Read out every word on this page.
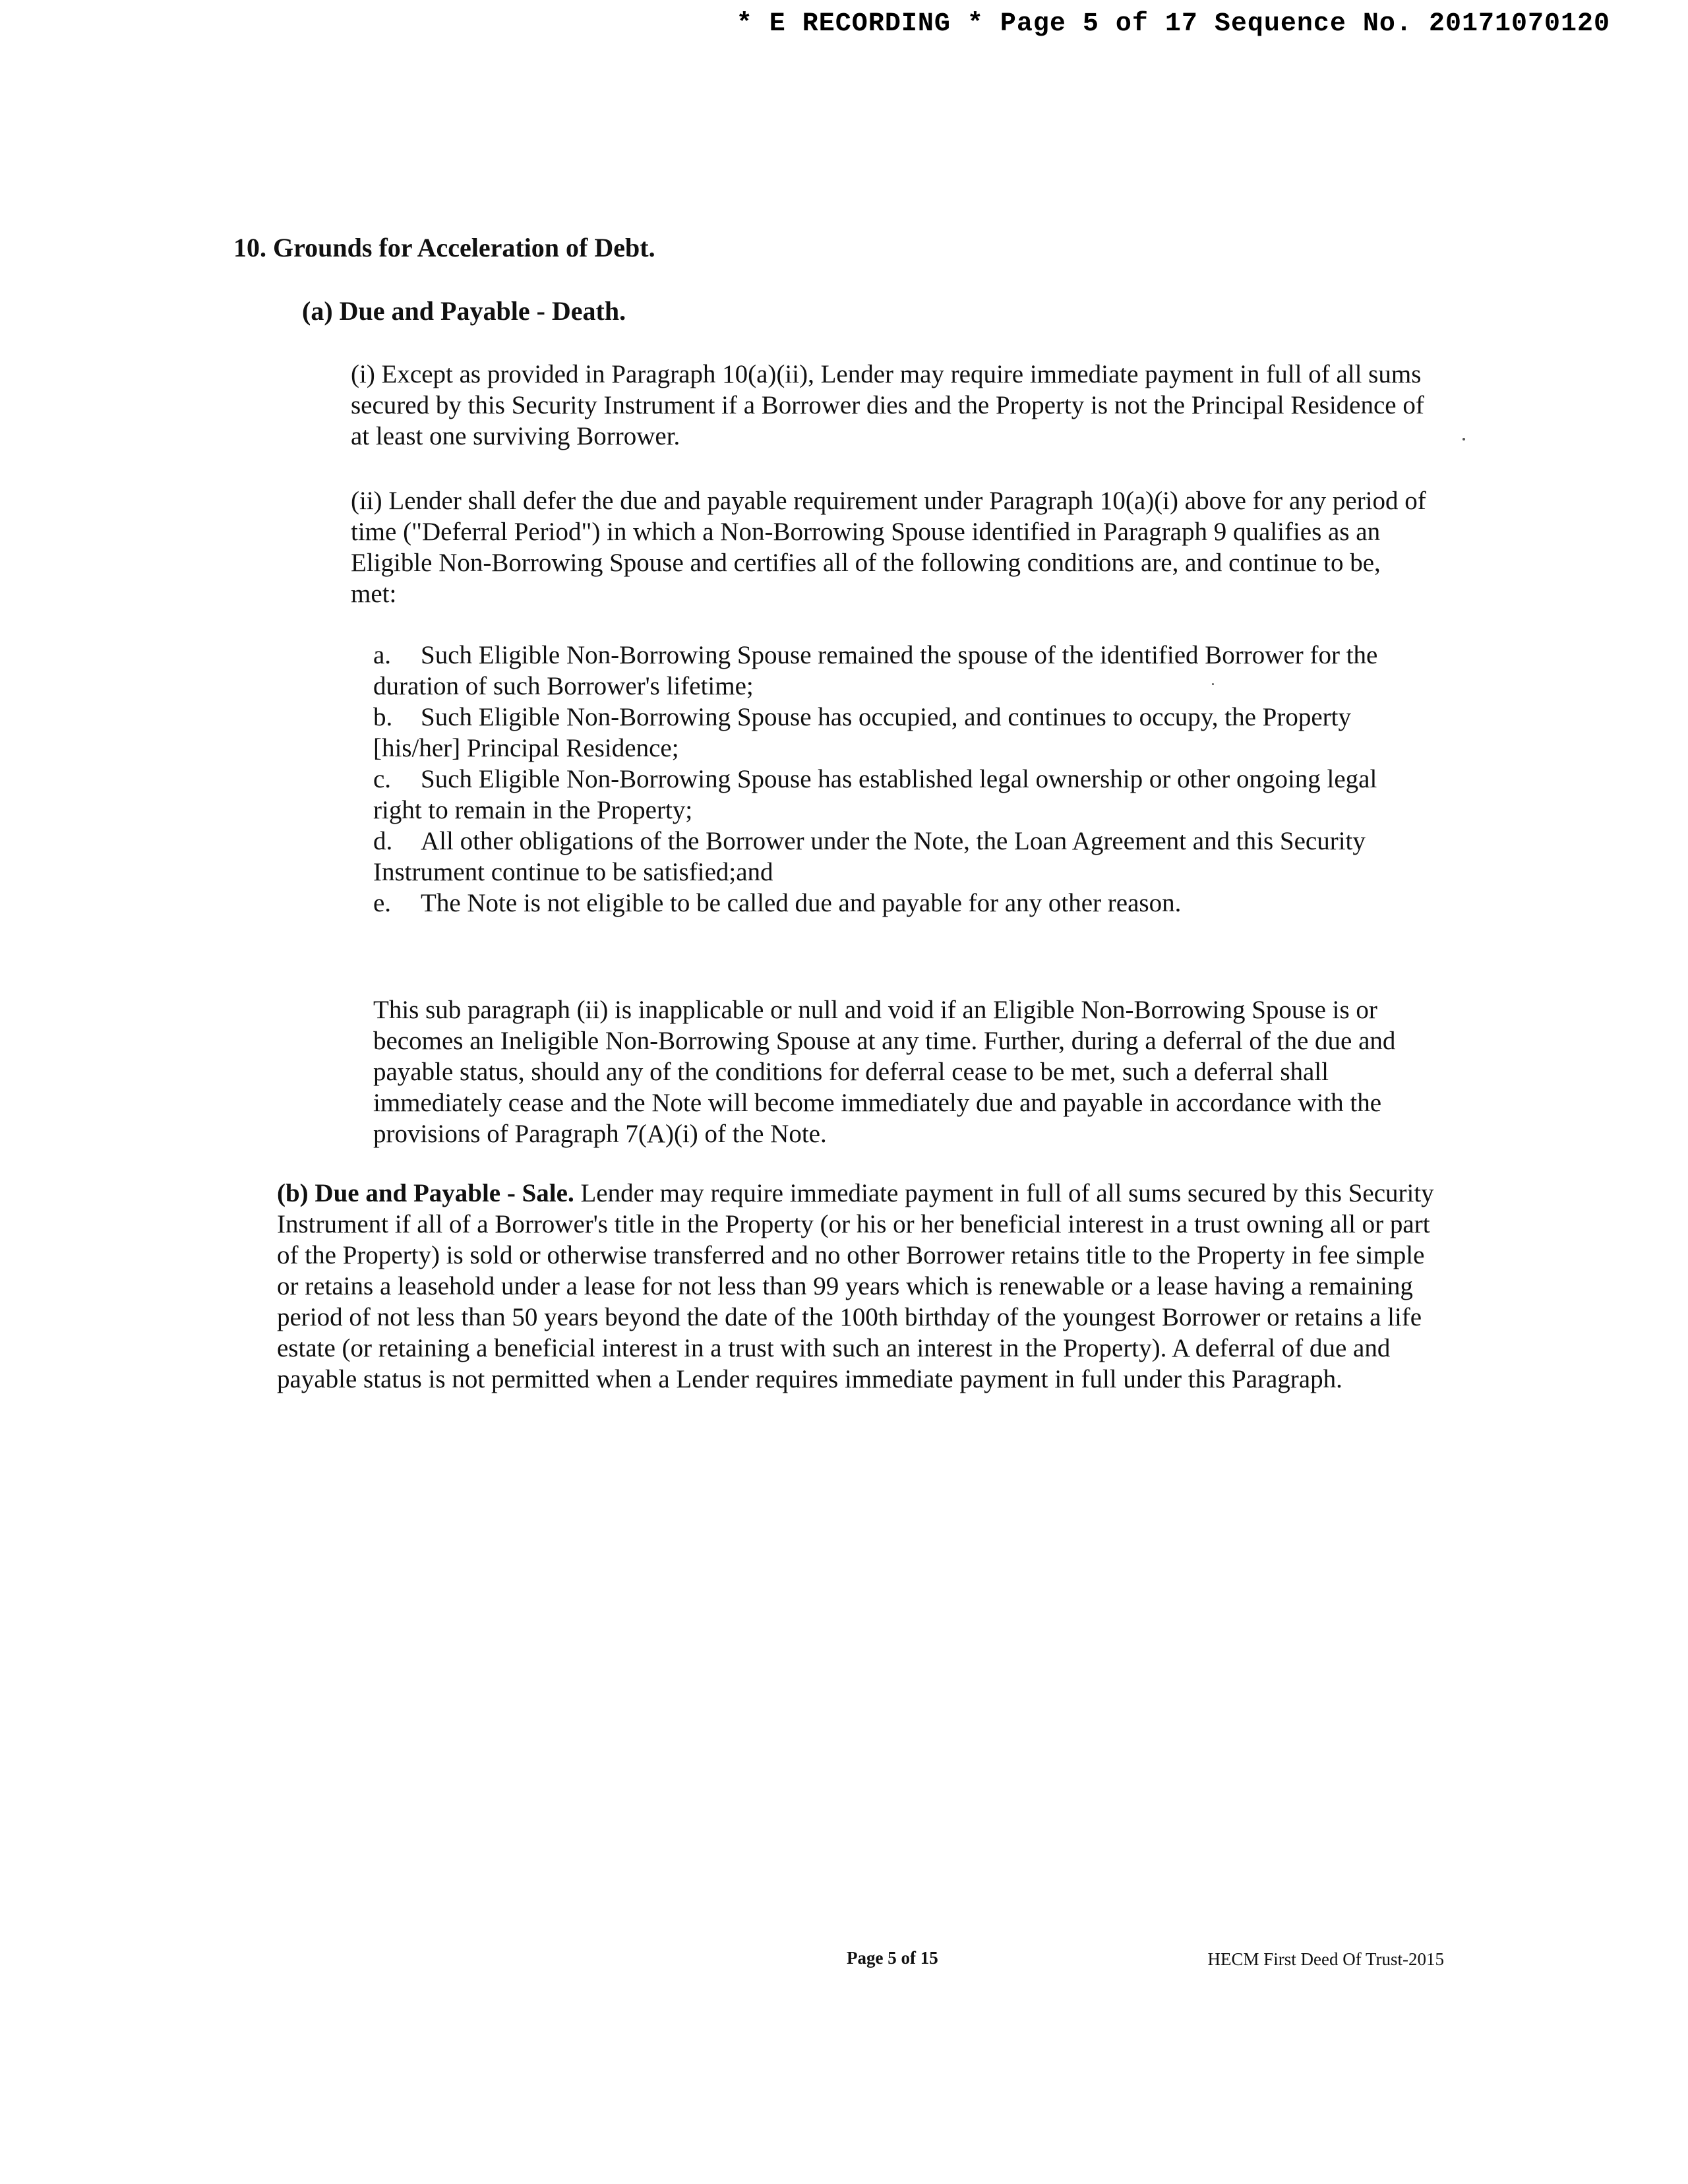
* E RECORDING * Page 5 of 17 Sequence No. 20171070120
10. Grounds for Acceleration of Debt.
(a) Due and Payable - Death.

(i) Except as provided in Paragraph 10(a)(ii), Lender may require immediate payment in full of all sums secured by this Security Instrument if a Borrower dies and the Property is not the Principal Residence of at least one surviving Borrower.

(ii) Lender shall defer the due and payable requirement under Paragraph 10(a)(i) above for any period of time ("Deferral Period") in which a Non-Borrowing Spouse identified in Paragraph 9 qualifies as an Eligible Non-Borrowing Spouse and certifies all of the following conditions are, and continue to be, met:

a. Such Eligible Non-Borrowing Spouse remained the spouse of the identified Borrower for the duration of such Borrower's lifetime;
b. Such Eligible Non-Borrowing Spouse has occupied, and continues to occupy, the Property [his/her] Principal Residence;
c. Such Eligible Non-Borrowing Spouse has established legal ownership or other ongoing legal right to remain in the Property;
d. All other obligations of the Borrower under the Note, the Loan Agreement and this Security Instrument continue to be satisfied;and
e. The Note is not eligible to be called due and payable for any other reason.

This sub paragraph (ii) is inapplicable or null and void if an Eligible Non-Borrowing Spouse is or becomes an Ineligible Non-Borrowing Spouse at any time. Further, during a deferral of the due and payable status, should any of the conditions for deferral cease to be met, such a deferral shall immediately cease and the Note will become immediately due and payable in accordance with the provisions of Paragraph 7(A)(i) of the Note.

(b) Due and Payable - Sale. Lender may require immediate payment in full of all sums secured by this Security Instrument if all of a Borrower's title in the Property (or his or her beneficial interest in a trust owning all or part of the Property) is sold or otherwise transferred and no other Borrower retains title to the Property in fee simple or retains a leasehold under a lease for not less than 99 years which is renewable or a lease having a remaining period of not less than 50 years beyond the date of the 100th birthday of the youngest Borrower or retains a life estate (or retaining a beneficial interest in a trust with such an interest in the Property). A deferral of due and payable status is not permitted when a Lender requires immediate payment in full under this Paragraph.

Page 5 of 15	HECM First Deed Of Trust-2015
